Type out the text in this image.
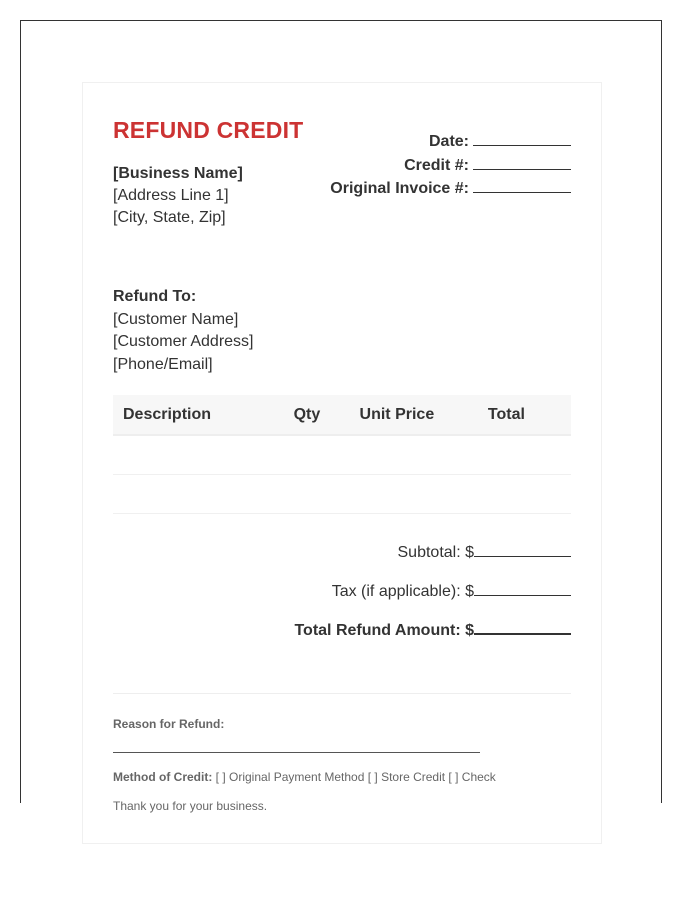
REFUND CREDIT
[Business Name]
[Address Line 1]
[City, State, Zip]
Date:
Credit #:
Original Invoice #:
Refund To:
[Customer Name]
[Customer Address]
[Phone/Email]
Description	Qty	Unit Price	Total
Subtotal: $
Tax (if applicable): $
Total Refund Amount: $
Reason for Refund:
Method of Credit: [ ] Original Payment Method [ ] Store Credit [ ] Check
Thank you for your business.
